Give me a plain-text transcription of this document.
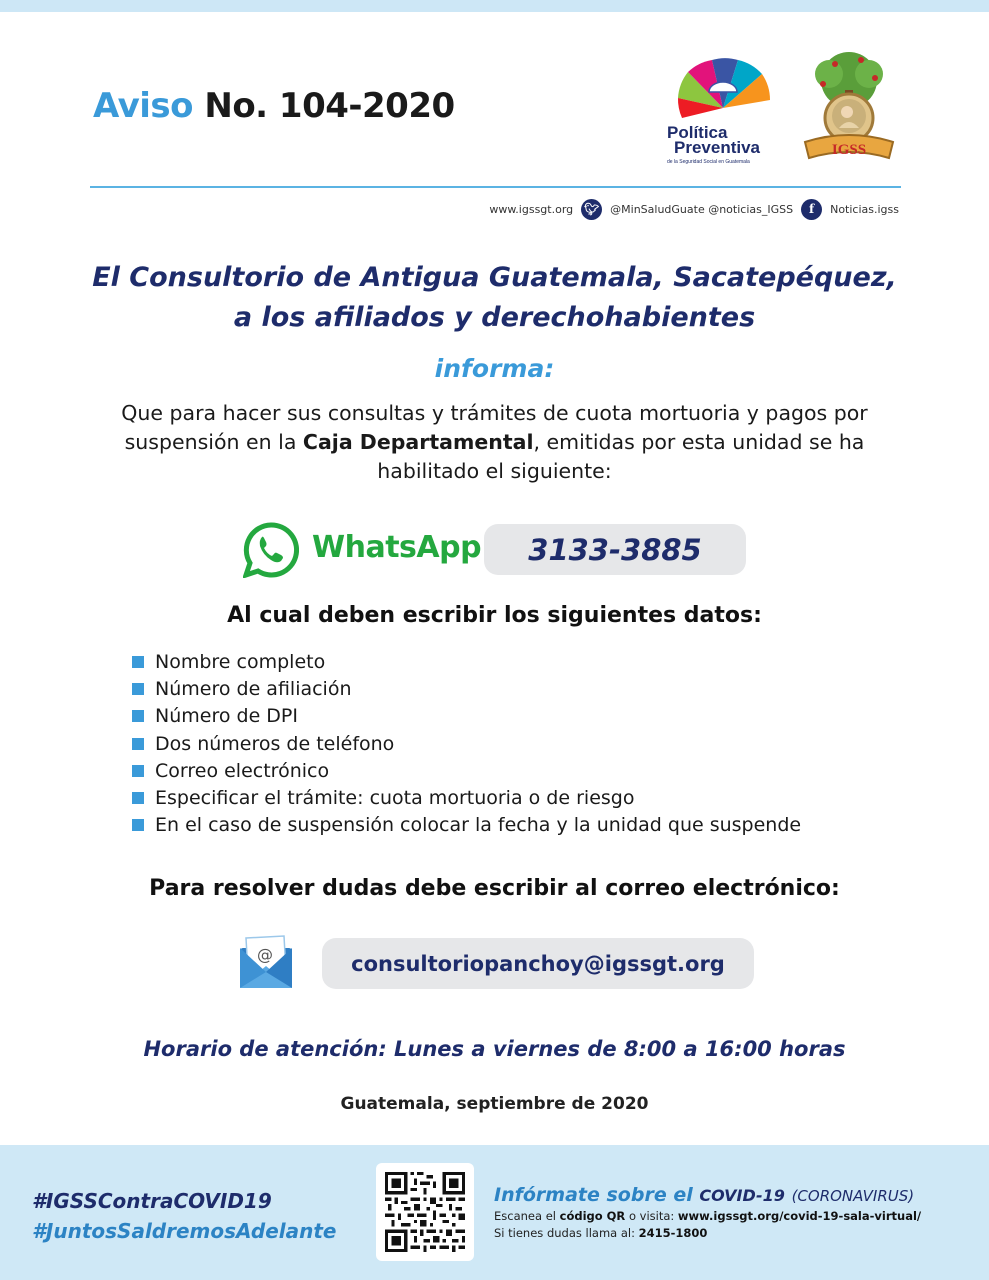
Aviso No. 104-2020
Política
Preventiva
de la Seguridad Social en Guatemala
IGSS
www.igssgt.org 🐦︎ @MinSaludGuate @noticias_IGSS	f	Noticias.igss
El Consultorio de Antigua Guatemala, Sacatepéquez,
a los afiliados y derechohabientes
informa:
Que para hacer sus consultas y trámites de cuota mortuoria y pagos por suspensión en la Caja Departamental, emitidas por esta unidad se ha habilitado el siguiente:
WhatsApp	3133-3885
Al cual deben escribir los siguientes datos:
Nombre completo
Número de afiliación
Número de DPI
Dos números de teléfono
Correo electrónico
Especificar el trámite: cuota mortuoria o de riesgo
En el caso de suspensión colocar la fecha y la unidad que suspende
Para resolver dudas debe escribir al correo electrónico:
@	consultoriopanchoy@igssgt.org
Horario de atención: Lunes a viernes de 8:00 a 16:00 horas
Guatemala, septiembre de 2020
#IGSSContraCOVID19
#JuntosSaldremosAdelante
Infórmate sobre el COVID-19 (CORONAVIRUS)
Escanea el código QR o visita: www.igssgt.org/covid-19-sala-virtual/
Si tienes dudas llama al: 2415-1800
